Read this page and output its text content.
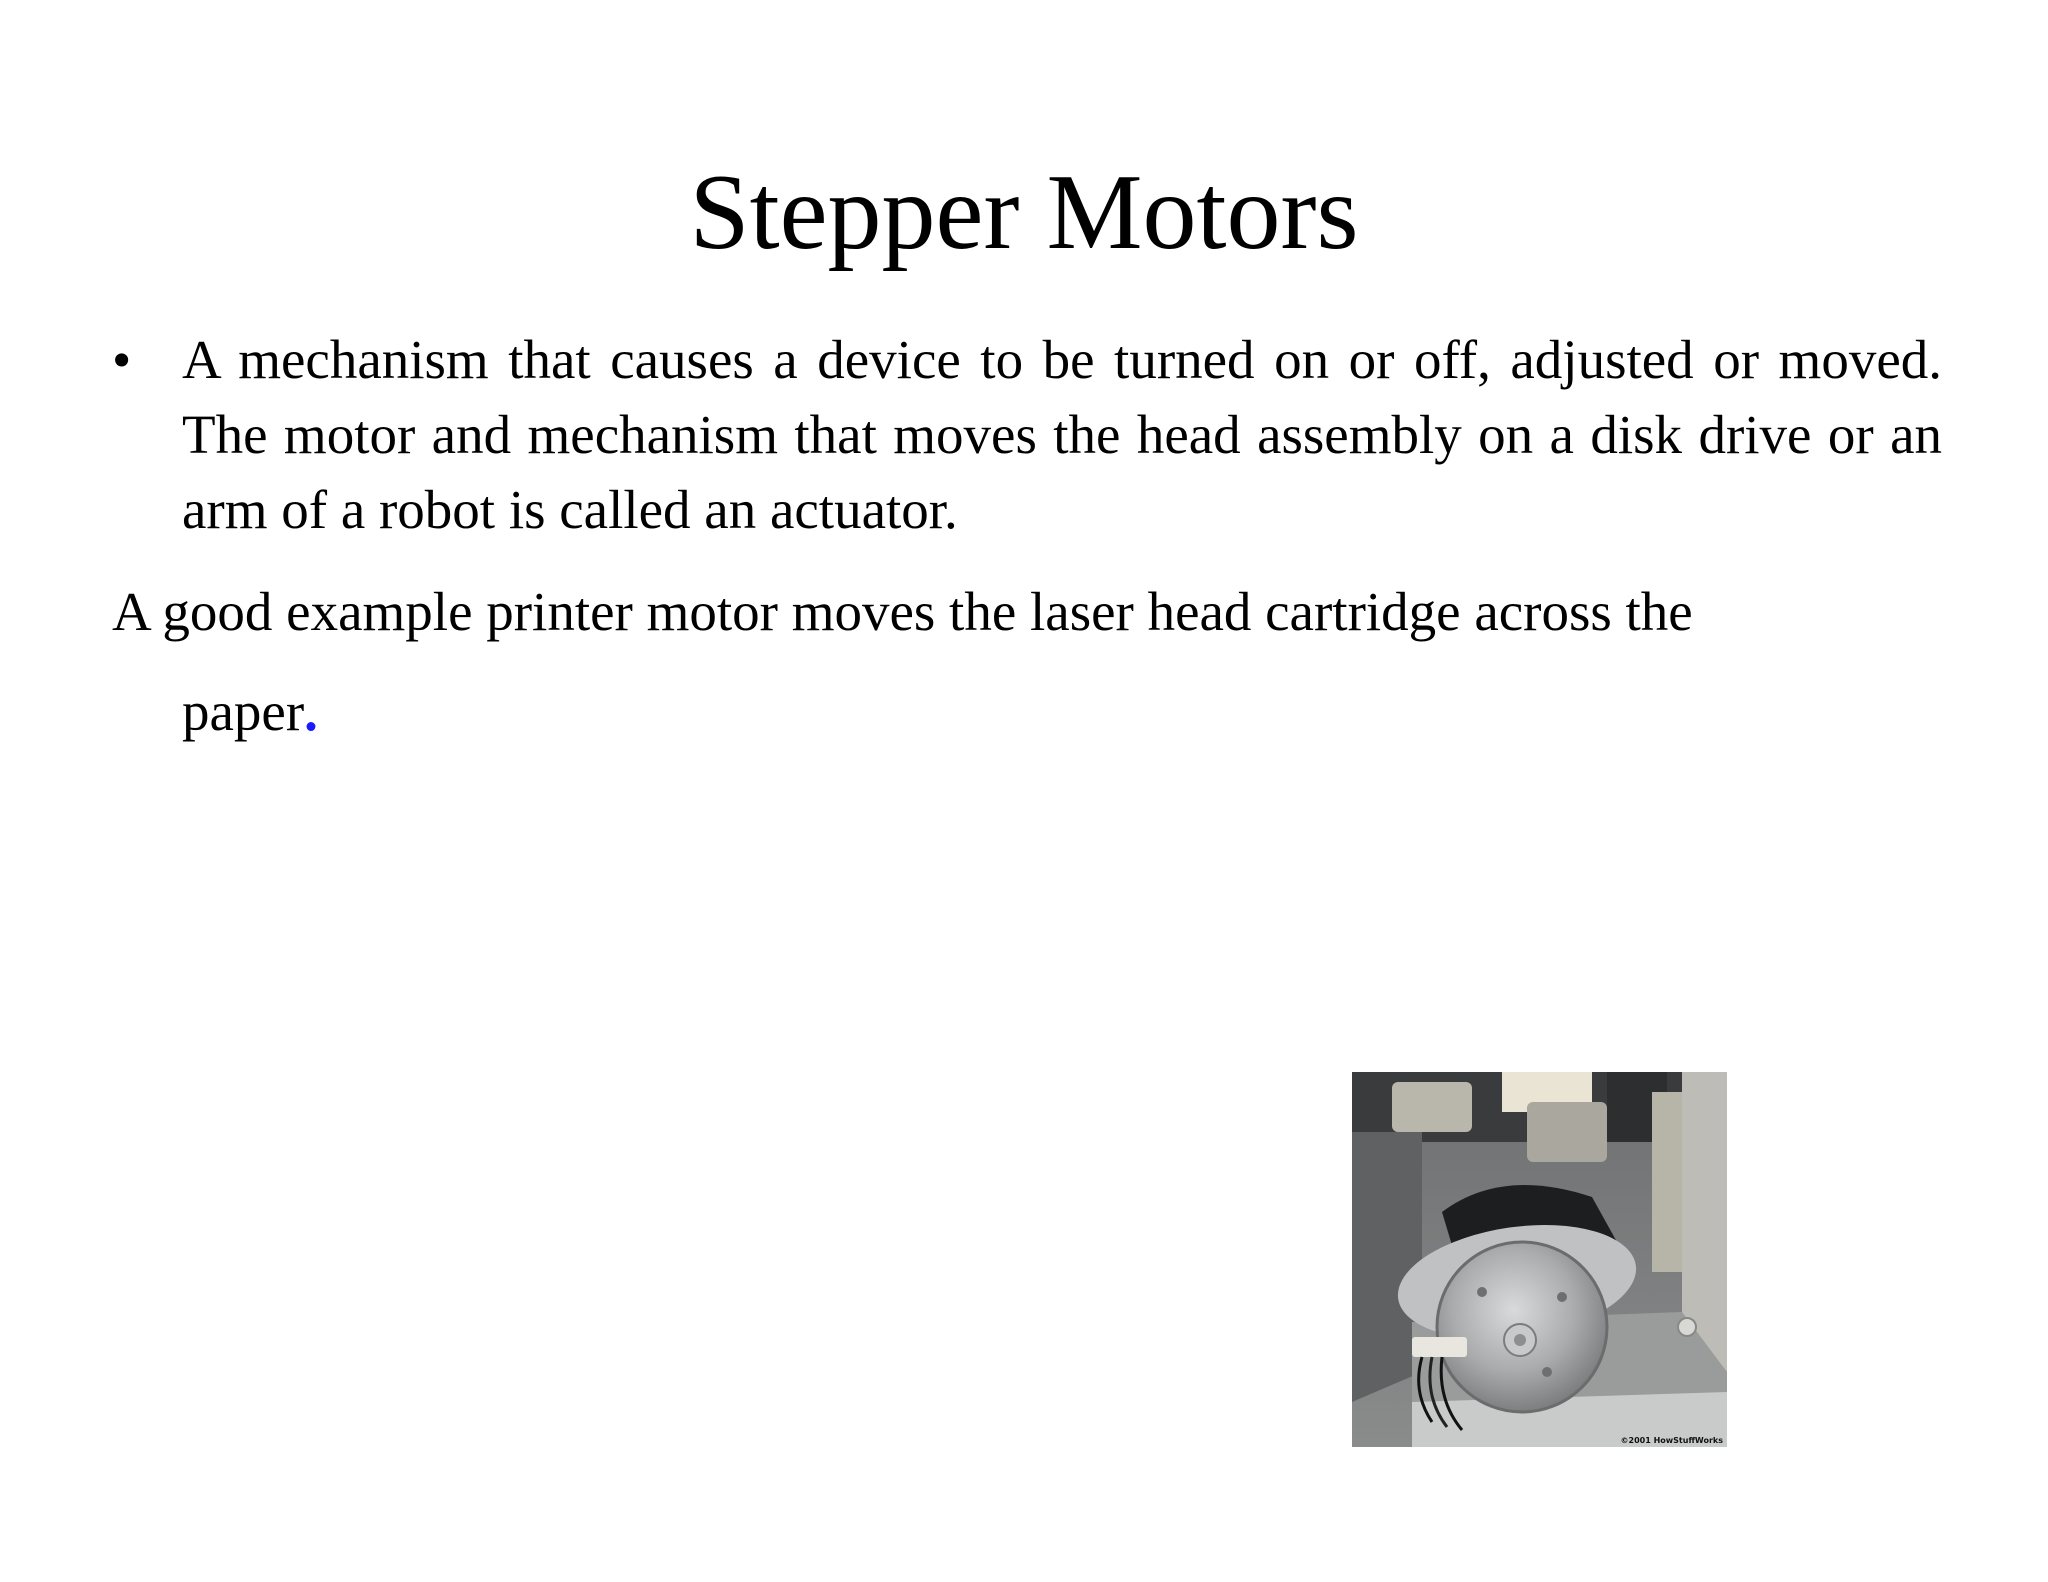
Stepper Motors
• A mechanism that causes a device to be turned on or off, adjusted or moved. The motor and mechanism that moves the head assembly on a disk drive or an arm of a robot is called an actuator.
A good example printer motor moves the laser head cartridge across the
paper.
©2001 HowStuffWorks
